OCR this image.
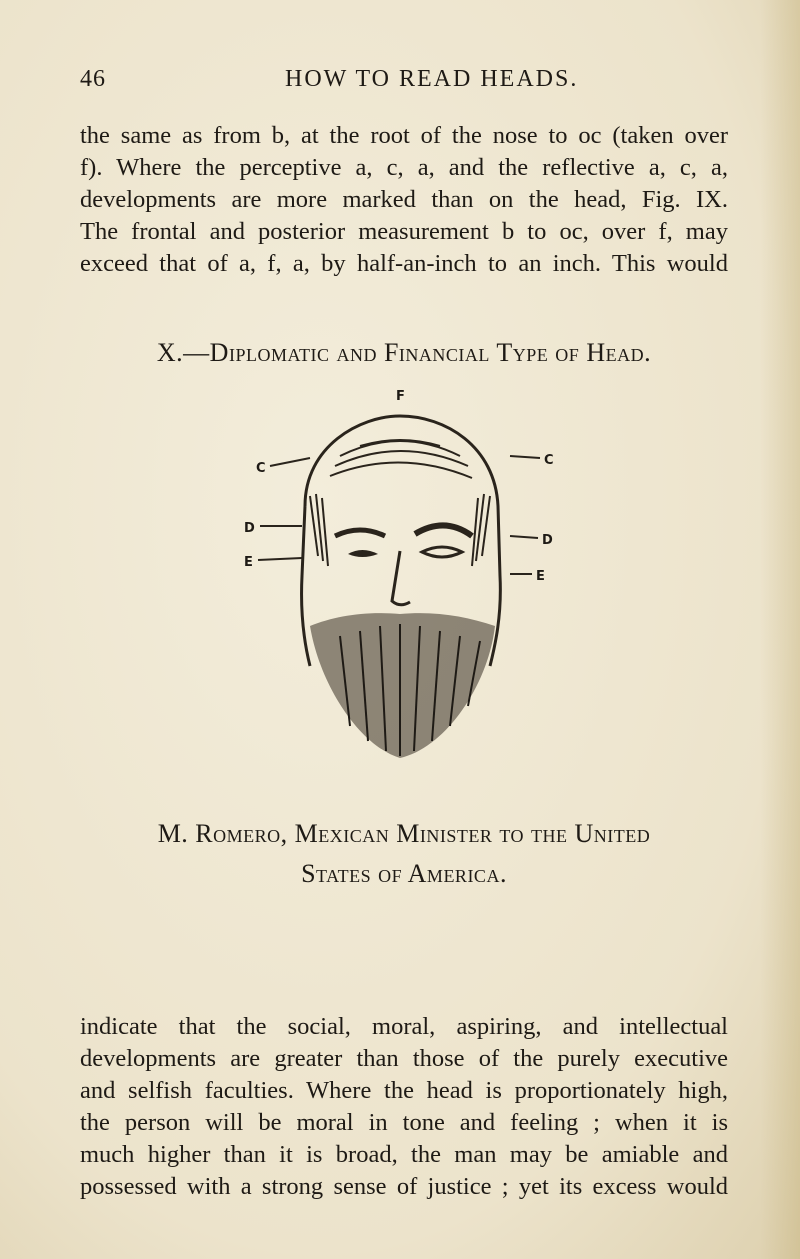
46	HOW TO READ HEADS.
the same as from b, at the root of the nose to oc (taken over
f). Where the perceptive a, c, a, and the reflective a, c, a,
developments are more marked than on the head, Fig. IX.
The frontal and posterior measurement b to oc, over f, may
exceed that of a, f, a, by half-an-inch to an inch. This would
X.—Diplomatic and Financial Type of Head.
F
C
C
D
D
E
E
M. Romero, Mexican Minister to the United
States of America.
indicate that the social, moral, aspiring, and intellectual
developments are greater than those of the purely executive
and selfish faculties. Where the head is proportionately high,
the person will be moral in tone and feeling ; when it is
much higher than it is broad, the man may be amiable and
possessed with a strong sense of justice ; yet its excess would
